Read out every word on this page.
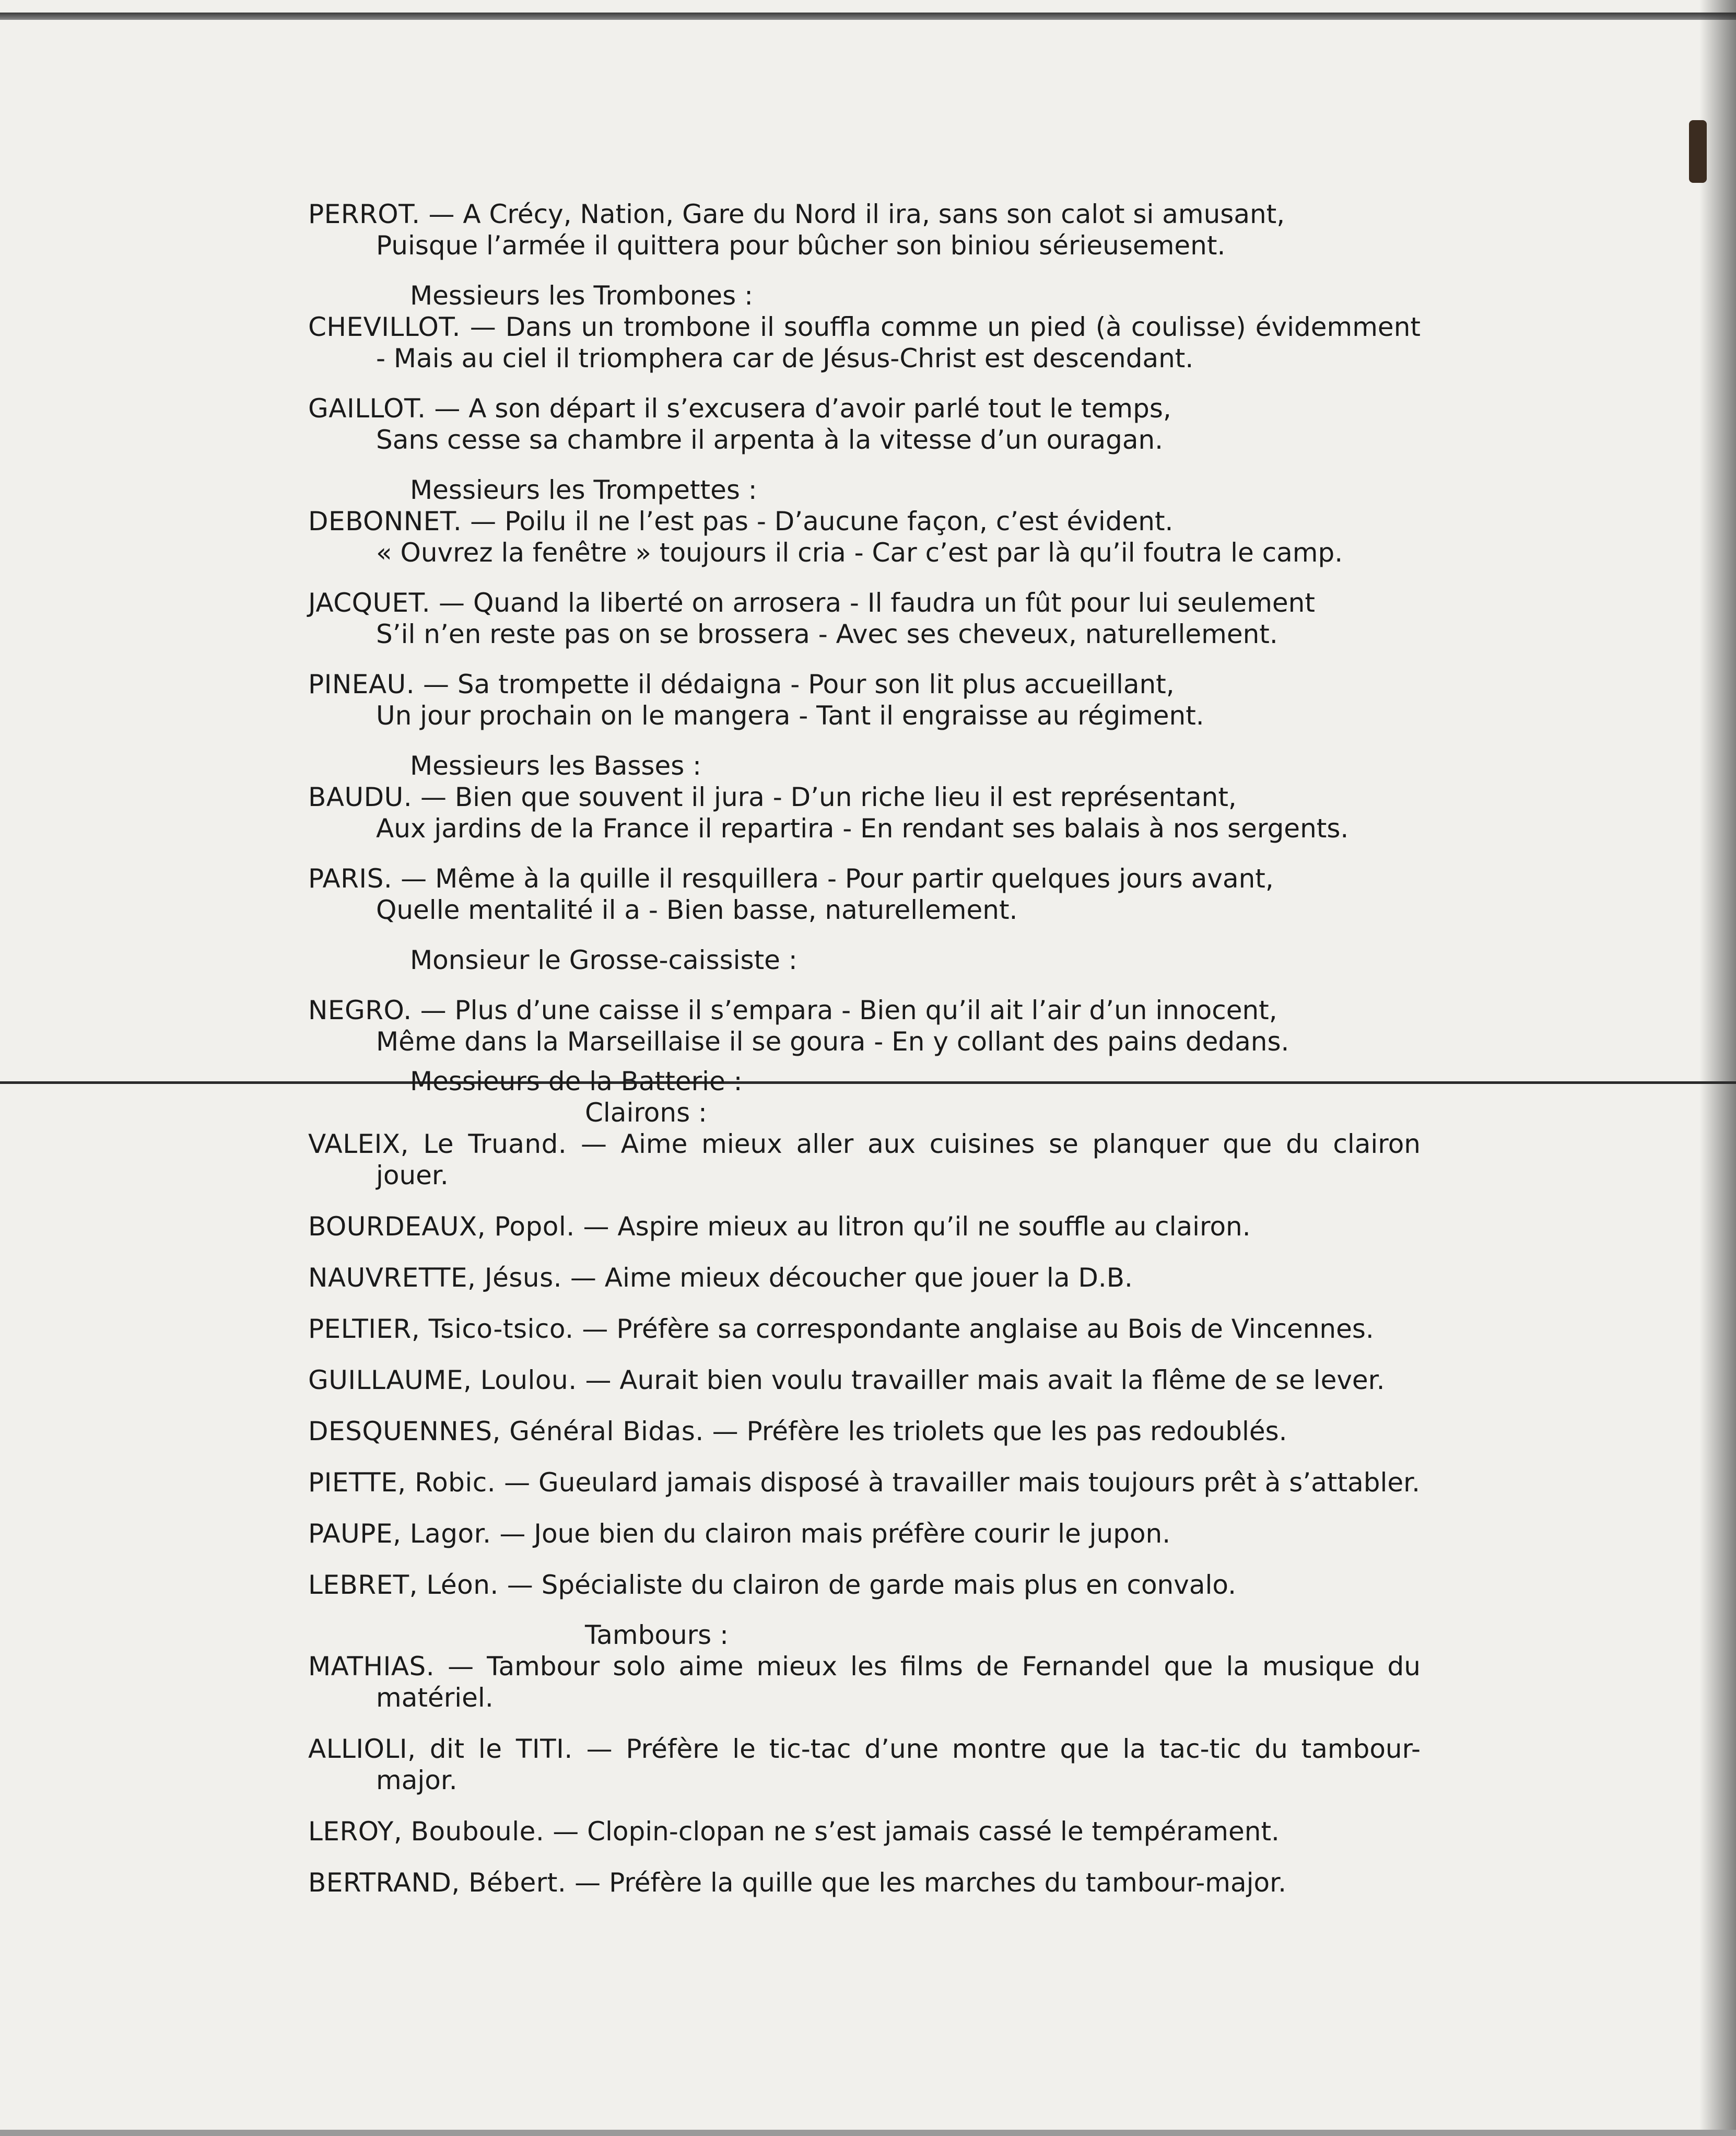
PERROT. — A Crécy, Nation, Gare du Nord il ira, sans son calot si amusant,
Puisque l’armée il quittera pour bûcher son biniou sérieusement.
Messieurs les Trombones :
CHEVILLOT. — Dans un trombone il souffla comme un pied (à coulisse) évidemment - Mais au ciel il triomphera car de Jésus-Christ est descendant.
GAILLOT. — A son départ il s’excusera d’avoir parlé tout le temps,
Sans cesse sa chambre il arpenta à la vitesse d’un ouragan.
Messieurs les Trompettes :
DEBONNET. — Poilu il ne l’est pas - D’aucune façon, c’est évident.
« Ouvrez la fenêtre » toujours il cria - Car c’est par là qu’il foutra le camp.
JACQUET. — Quand la liberté on arrosera - Il faudra un fût pour lui seulement
S’il n’en reste pas on se brossera - Avec ses cheveux, naturellement.
PINEAU. — Sa trompette il dédaigna - Pour son lit plus accueillant,
Un jour prochain on le mangera - Tant il engraisse au régiment.
Messieurs les Basses :
BAUDU. — Bien que souvent il jura - D’un riche lieu il est représentant,
Aux jardins de la France il repartira - En rendant ses balais à nos sergents.
PARIS. — Même à la quille il resquillera - Pour partir quelques jours avant,
Quelle mentalité il a - Bien basse, naturellement.
Monsieur le Grosse-caissiste :
NEGRO. — Plus d’une caisse il s’empara - Bien qu’il ait l’air d’un innocent,
Même dans la Marseillaise il se goura - En y collant des pains dedans.
Messieurs de la Batterie :
Clairons :
VALEIX, Le Truand. — Aime mieux aller aux cuisines se planquer que du clairon jouer.
BOURDEAUX, Popol. — Aspire mieux au litron qu’il ne souffle au clairon.
NAUVRETTE, Jésus. — Aime mieux découcher que jouer la D.B.
PELTIER, Tsico-tsico. — Préfère sa correspondante anglaise au Bois de Vincennes.
GUILLAUME, Loulou. — Aurait bien voulu travailler mais avait la flême de se lever.
DESQUENNES, Général Bidas. — Préfère les triolets que les pas redoublés.
PIETTE, Robic. — Gueulard jamais disposé à travailler mais toujours prêt à s’attabler.
PAUPE, Lagor. — Joue bien du clairon mais préfère courir le jupon.
LEBRET, Léon. — Spécialiste du clairon de garde mais plus en convalo.
Tambours :
MATHIAS. — Tambour solo aime mieux les films de Fernandel que la musique du matériel.
ALLIOLI, dit le TITI. — Préfère le tic-tac d’une montre que la tac-tic du tambour-major.
LEROY, Bouboule. — Clopin-clopan ne s’est jamais cassé le tempérament.
BERTRAND, Bébert. — Préfère la quille que les marches du tambour-major.
